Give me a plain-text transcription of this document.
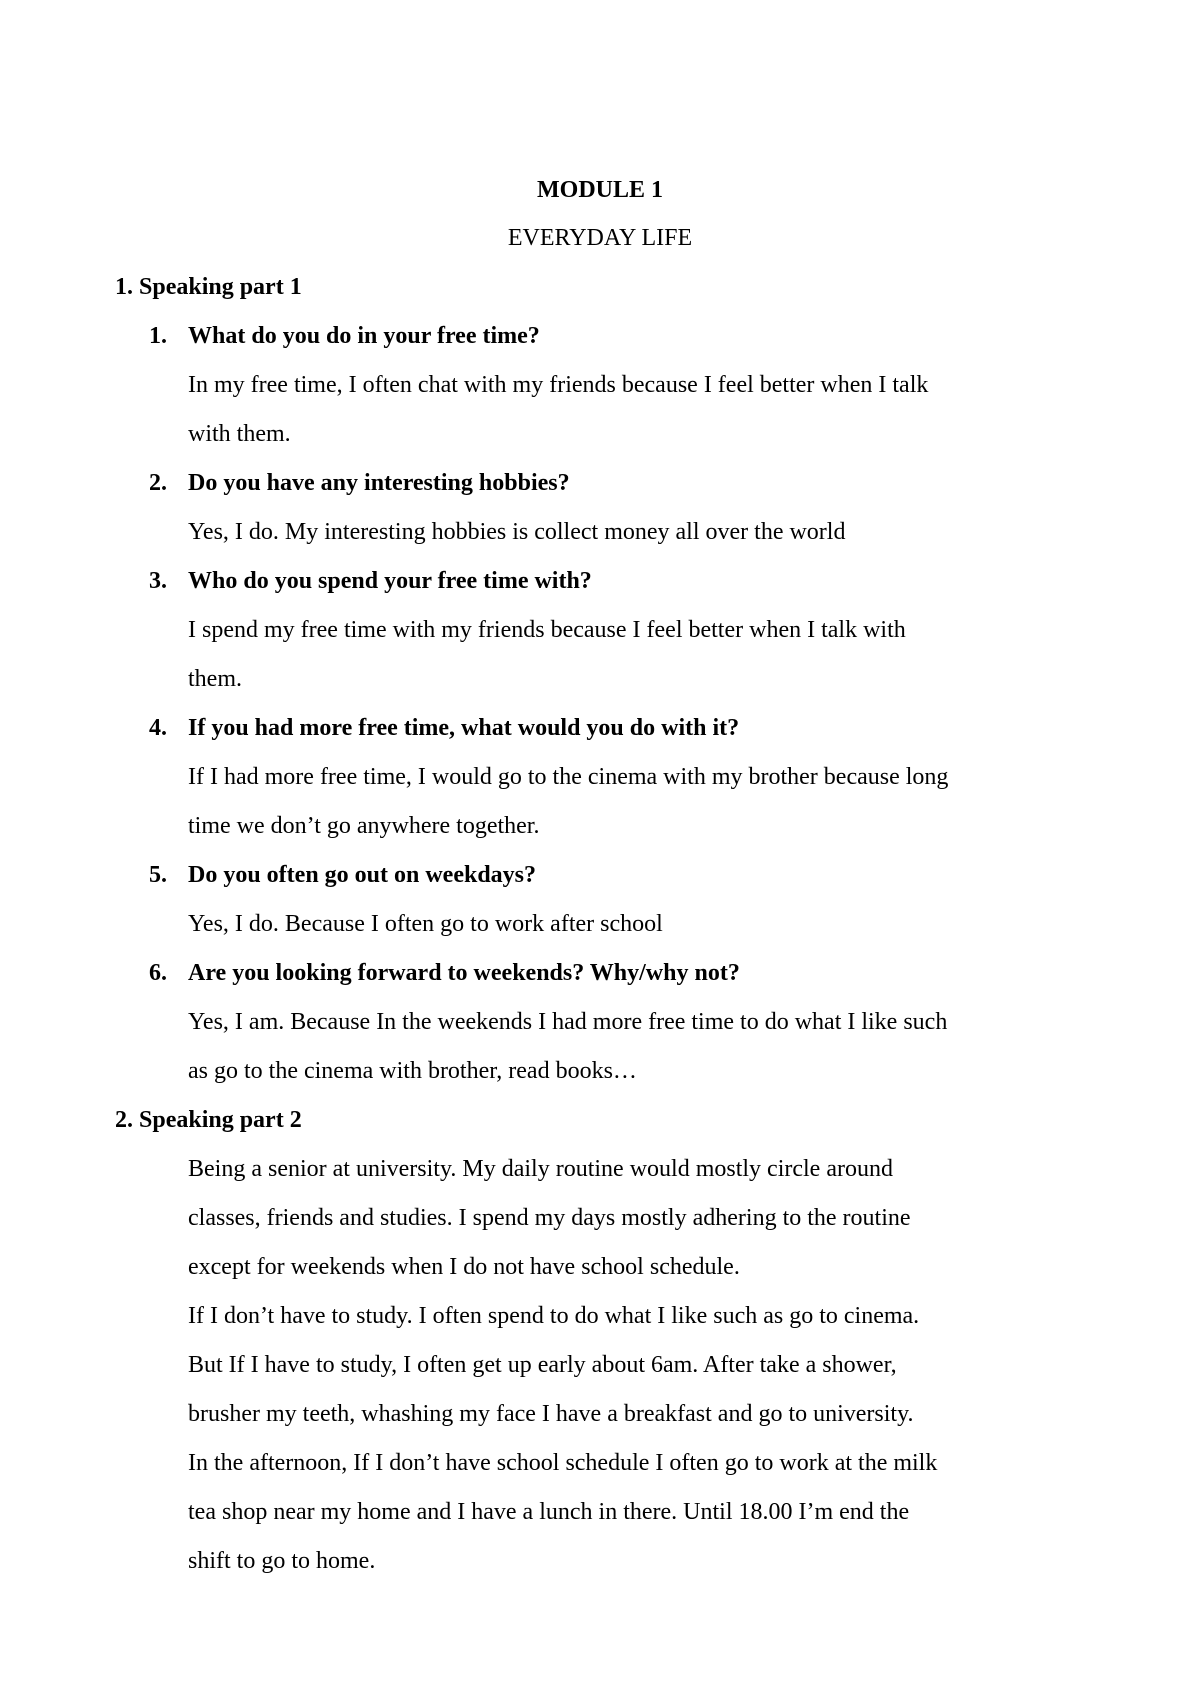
MODULE 1
EVERYDAY LIFE
1. Speaking part 1
1. What do you do in your free time?
In my free time, I often chat with my friends because I feel better when I talk
with them.
2. Do you have any interesting hobbies?
Yes, I do. My interesting hobbies is collect money all over the world
3. Who do you spend your free time with?
I spend my free time with my friends because I feel better when I talk with
them.
4. If you had more free time, what would you do with it?
If I had more free time, I would go to the cinema with my brother because long
time we don’t go anywhere together.
5. Do you often go out on weekdays?
Yes, I do. Because I often go to work after school
6. Are you looking forward to weekends? Why/why not?
Yes, I am. Because In the weekends I had more free time to do what I like such
as go to the cinema with brother, read books…
2. Speaking part 2
Being a senior at university. My daily routine would mostly circle around
classes, friends and studies. I spend my days mostly adhering to the routine
except for weekends when I do not have school schedule.
If I don’t have to study. I often spend to do what I like such as go to cinema.
But If I have to study, I often get up early about 6am. After take a shower,
brusher my teeth, whashing my face I have a breakfast and go to university.
In the afternoon, If I don’t have school schedule I often go to work at the milk
tea shop near my home and I have a lunch in there. Until 18.00 I’m end the
shift to go to home.
